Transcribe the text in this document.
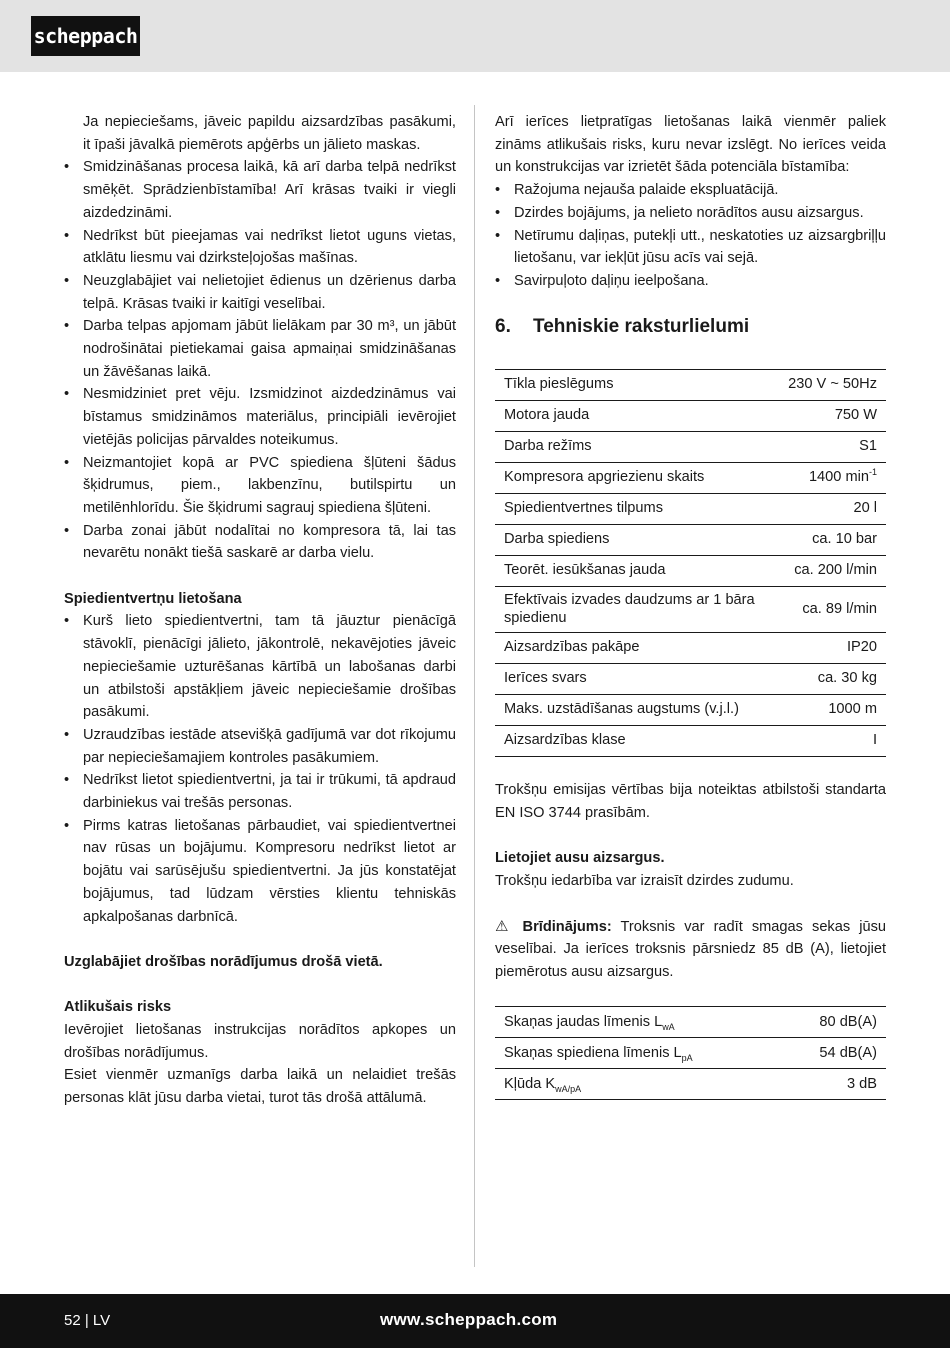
scheppach

Ja nepieciešams, jāveic papildu aizsardzības pasākumi, it īpaši jāvalkā piemērots apģērbs un jālieto maskas.

• Smidzināšanas procesa laikā, kā arī darba telpā nedrīkst smēķēt. Sprādzienbīstamība! Arī krāsas tvaiki ir viegli aizdedzināmi.
• Nedrīkst būt pieejamas vai nedrīkst lietot uguns vietas, atklātu liesmu vai dzirksteļojošas mašīnas.
• Neuzglabājiet vai nelietojiet ēdienus un dzērienus darba telpā. Krāsas tvaiki ir kaitīgi veselībai.
• Darba telpas apjomam jābūt lielākam par 30 m³, un jābūt nodrošinātai pietiekamai gaisa apmaiņai smidzināšanas un žāvēšanas laikā.
• Nesmidziniet pret vēju. Izsmidzinot aizdedzināmus vai bīstamus smidzināmos materiālus, principiāli ievērojiet vietējās policijas pārvaldes noteikumus.
• Neizmantojiet kopā ar PVC spiediena šļūteni šādus šķidrumus, piem., lakbenzīnu, butilspirtu un metilēnhlorīdu. Šie šķidrumi sagrauj spiediena šļūteni.
• Darba zonai jābūt nodalītai no kompresora tā, lai tas nevarētu nonākt tiešā saskarē ar darba vielu.

Spiedientvertņu lietošana

• Kurš lieto spiedientvertni, tam tā jāuztur pienācīgā stāvoklī, pienācīgi jālieto, jākontrolē, nekavējoties jāveic nepieciešamie uzturēšanas kārtībā un labošanas darbi un atbilstoši apstākļiem jāveic nepieciešamie drošības pasākumi.
• Uzraudzības iestāde atsevišķā gadījumā var dot rīkojumu par nepieciešamajiem kontroles pasākumiem.
• Nedrīkst lietot spiedientvertni, ja tai ir trūkumi, tā apdraud darbiniekus vai trešās personas.
• Pirms katras lietošanas pārbaudiet, vai spiedientvertnei nav rūsas un bojājumu. Kompresoru nedrīkst lietot ar bojātu vai sarūsējušu spiedientvertni. Ja jūs konstatējat bojājumus, tad lūdzam vērsties klientu tehniskās apkalpošanas darbnīcā.

Uzglabājiet drošības norādījumus drošā vietā.

Atlikušais risks

Ievērojiet lietošanas instrukcijas norādītos apkopes un drošības norādījumus.

Esiet vienmēr uzmanīgs darba laikā un nelaidiet trešās personas klāt jūsu darba vietai, turot tās drošā attālumā.

Arī ierīces lietpratīgas lietošanas laikā vienmēr paliek zināms atlikušais risks, kuru nevar izslēgt. No ierīces veida un konstrukcijas var izrietēt šāda potenciāla bīstamība:

• Ražojuma nejauša palaide ekspluatācijā.
• Dzirdes bojājums, ja nelieto norādītos ausu aizsargus.
• Netīrumu daļiņas, putekļi utt., neskatoties uz aizsargbriļļu lietošanu, var iekļūt jūsu acīs vai sejā.
• Savirpuļoto daļiņu ieelpošana.
6. Tehniskie raksturlielumi
Tīkla pieslēgums	230 V ~ 50Hz
Motora jauda	750 W
Darba režīms	S1
Kompresora apgriezienu skaits	1400 $\min^{-1}$
Spiedientvertnes tilpums	20 l
Darba spiediens	ca. 10 bar
Teorēt. iesūkšanas jauda	ca. 200 l/min
Efektīvais izvades daudzums ar 1 bāra spiedienu	ca. 89 l/min
Aizsardzības pakāpe	IP20
Ierīces svars	ca. 30 kg
Maks. uzstādīšanas augstums (v.j.l.)	1000 m
Aizsardzības klase	I

Trokšņu emisijas vērtības bija noteiktas atbilstoši standarta EN ISO 3744 prasībām.

Lietojiet ausu aizsargus.

Trokšņu iedarbība var izraisīt dzirdes zudumu.

⚠ Brīdinājums: Troksnis var radīt smagas sekas jūsu veselībai. Ja ierīces troksnis pārsniedz 85 dB (A), lietojiet piemērotus ausu aizsargus.

Skaņas jaudas līmenis $L_{wA}$	80 dB(A)
Skaņas spiediena līmenis $L_{pA}$	54 dB(A)
Kļūda $K_{wA/pA}$	3 dB
52 | LV	www.scheppach.com
